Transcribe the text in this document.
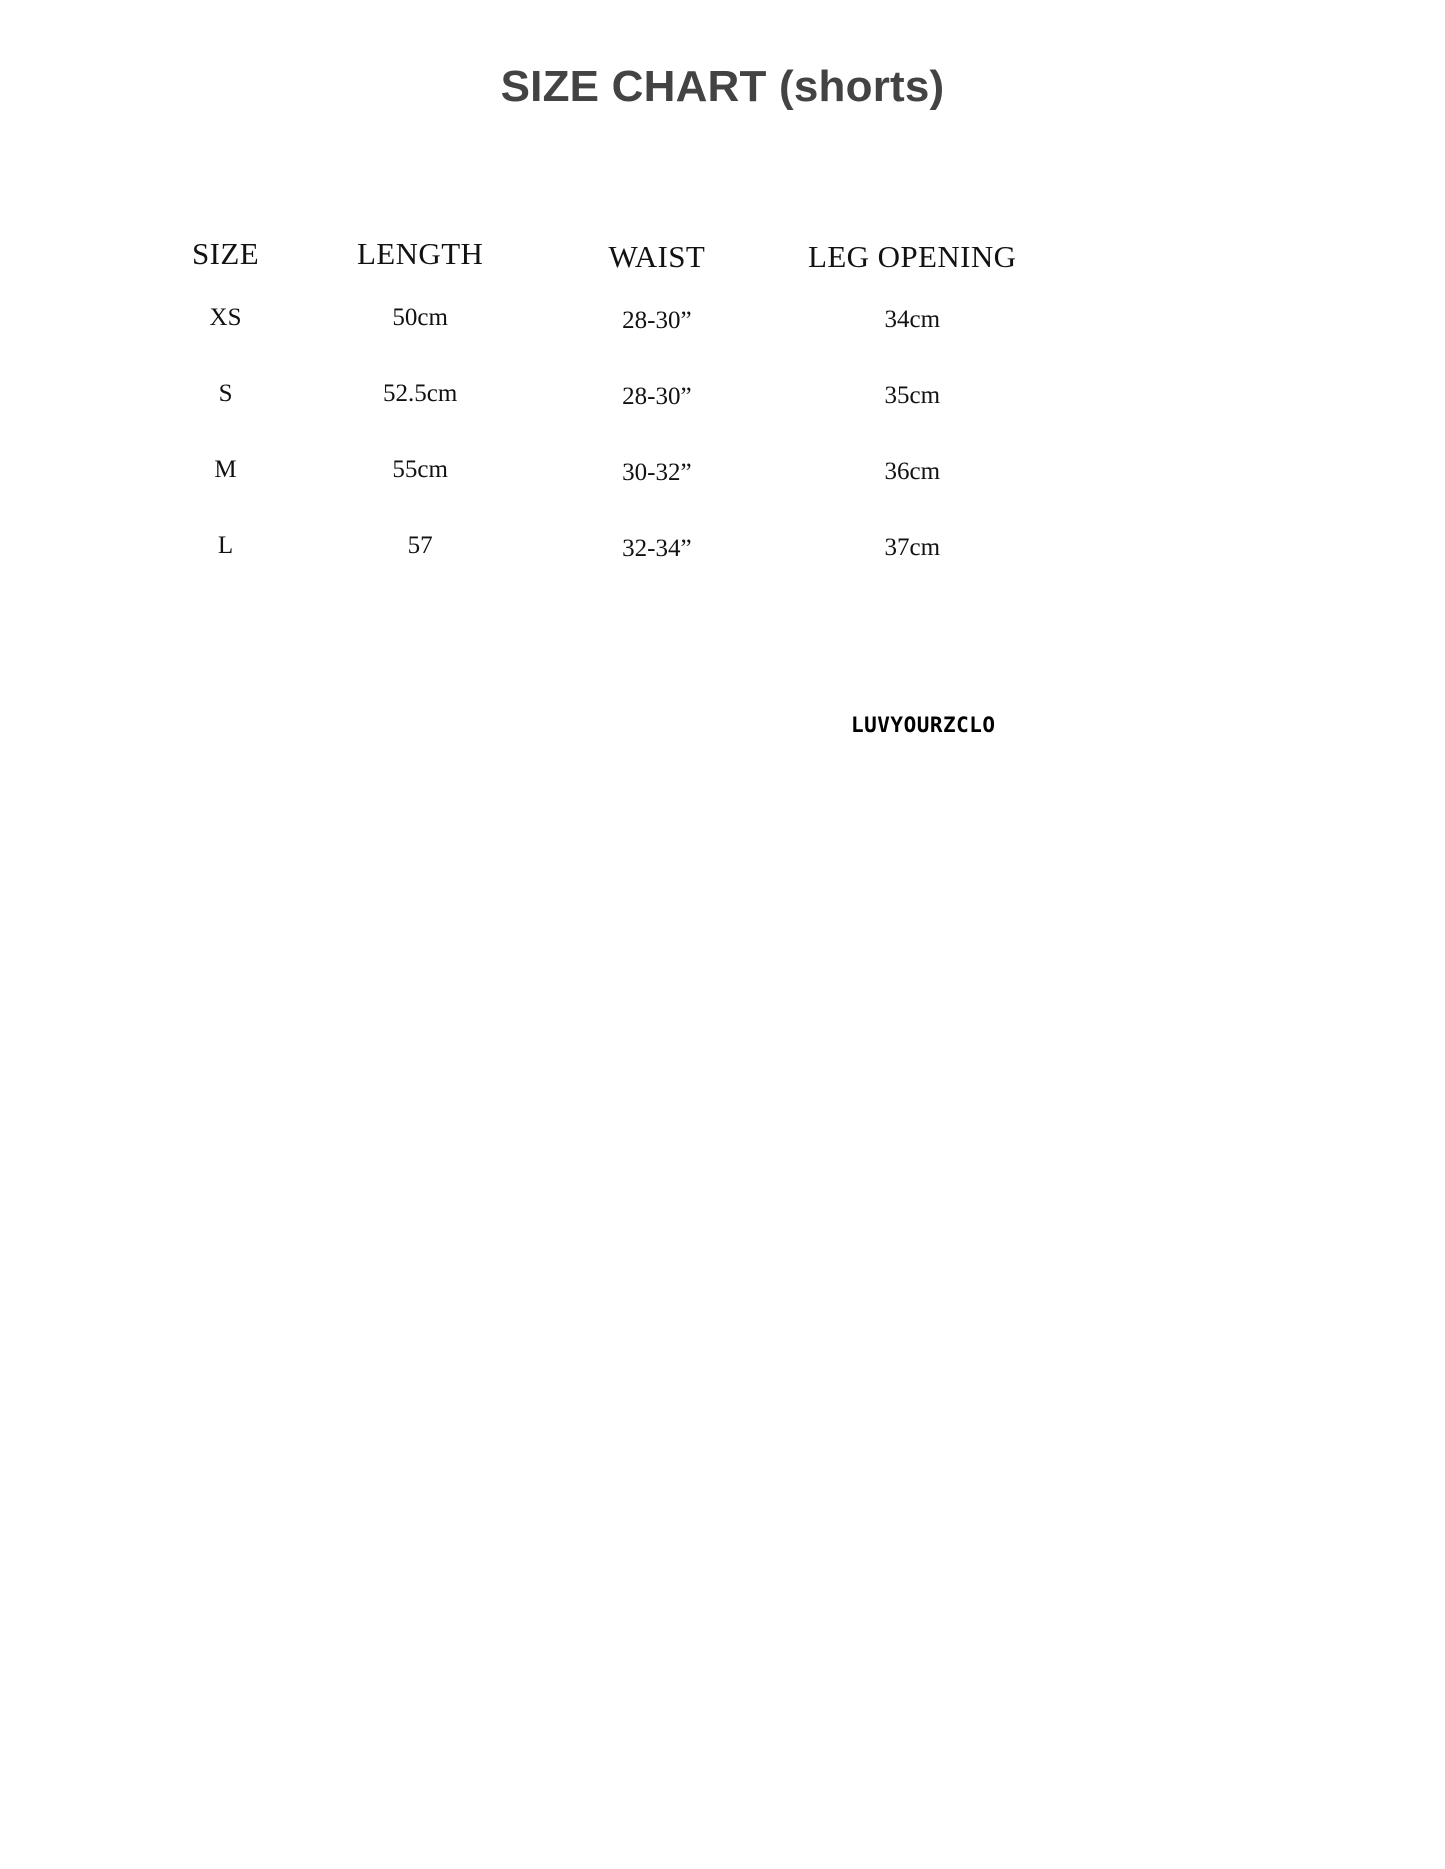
SIZE CHART (shorts)
SIZE	LENGTH	WAIST	LEG OPENING
XS	50cm	28-30”	34cm
S	52.5cm	28-30”	35cm
M	55cm	30-32”	36cm
L	57	32-34”	37cm
LUVYOURZCLO
